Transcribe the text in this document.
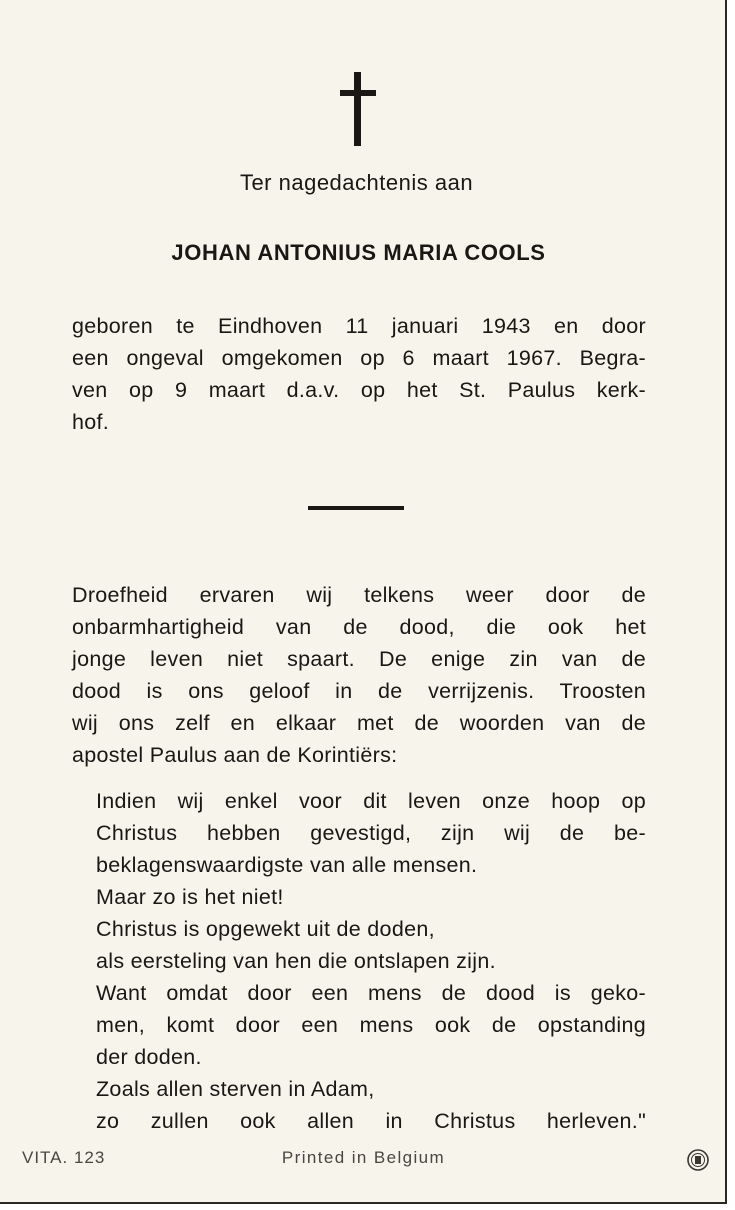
Ter nagedachtenis aan
JOHAN ANTONIUS MARIA COOLS
geboren te Eindhoven 11 januari 1943 en door
een ongeval omgekomen op 6 maart 1967. Begra-
ven op 9 maart d.a.v. op het St. Paulus kerk-
hof.
Droefheid ervaren wij telkens weer door de
onbarmhartigheid van de dood, die ook het
jonge leven niet spaart. De enige zin van de
dood is ons geloof in de verrijzenis. Troosten
wij ons zelf en elkaar met de woorden van de
apostel Paulus aan de Korintiërs:
Indien wij enkel voor dit leven onze hoop op
Christus hebben gevestigd, zijn wij de be-
beklagenswaardigste van alle mensen.
Maar zo is het niet!
Christus is opgewekt uit de doden,
als eersteling van hen die ontslapen zijn.
Want omdat door een mens de dood is geko-
men, komt door een mens ook de opstanding
der doden.
Zoals allen sterven in Adam,
zo zullen ook allen in Christus herleven."
VITA. 123	Printed in Belgium
